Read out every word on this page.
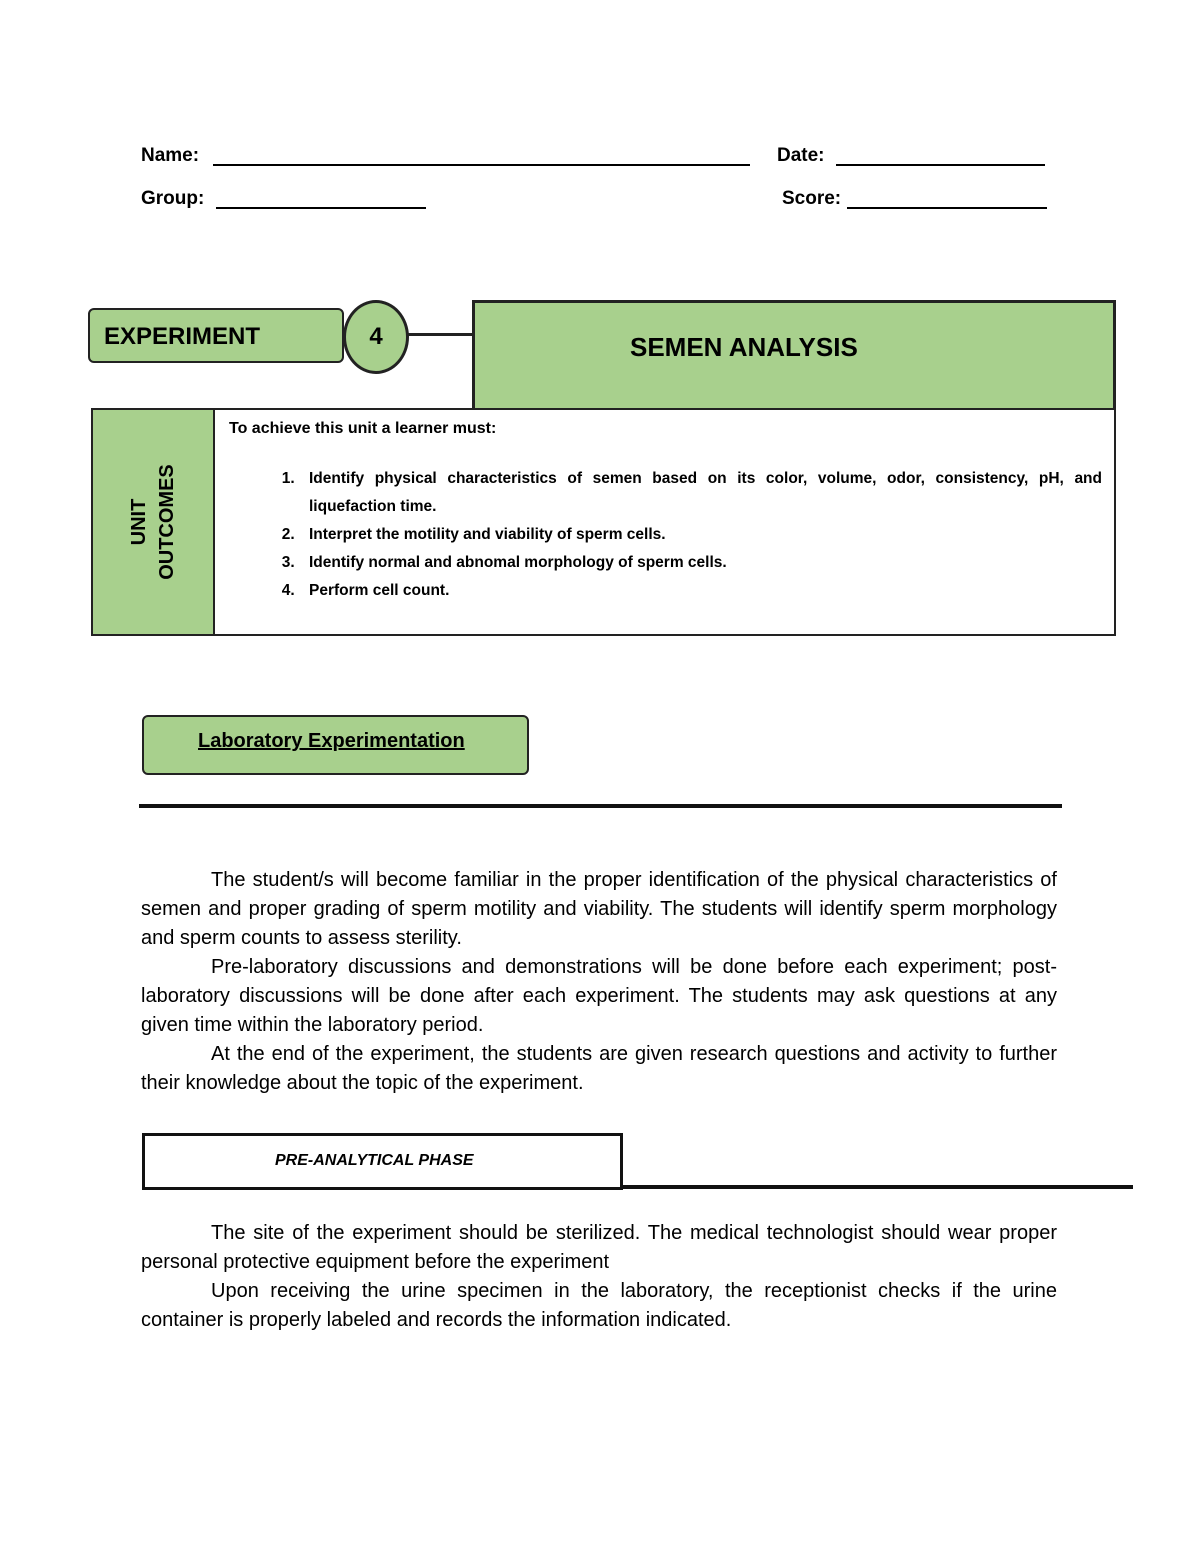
Name:	Date:
Group:	Score:
EXPERIMENT	4	SEMEN ANALYSIS
UNIT OUTCOMES
To achieve this unit a learner must:
1. Identify physical characteristics of semen based on its color, volume, odor, consistency, pH, and liquefaction time.
2. Interpret the motility and viability of sperm cells.
3. Identify normal and abnomal morphology of sperm cells.
4. Perform cell count.
Laboratory Experimentation
The student/s will become familiar in the proper identification of the physical characteristics of semen and proper grading of sperm motility and viability. The students will identify sperm morphology and sperm counts to assess sterility.
Pre-laboratory discussions and demonstrations will be done before each experiment; post-laboratory discussions will be done after each experiment. The students may ask questions at any given time within the laboratory period.
At the end of the experiment, the students are given research questions and activity to further their knowledge about the topic of the experiment.
PRE-ANALYTICAL PHASE
The site of the experiment should be sterilized. The medical technologist should wear proper personal protective equipment before the experiment
Upon receiving the urine specimen in the laboratory, the receptionist checks if the urine container is properly labeled and records the information indicated.
